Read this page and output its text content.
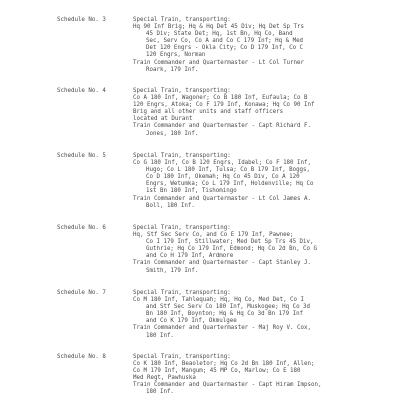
- - - -
Schedule No. 3	Special Train, transporting:
Hq 90 Inf Brig; Hq & Hq Det 45 Div; Hq Det Sp Trs
45 Div; State Det; Hq, 1st Bn, Hq Co, Band
Sec, Serv Co, Co A and Co C 179 Inf; Hq & Med
Det 120 Engrs - Okla City; Co D 179 Inf, Co C
120 Engrs, Norman
Train Commander and Quartermaster - Lt Col Turner
Roark, 179 Inf.
Schedule No. 4	Special Train, transporting:
Co A 180 Inf, Wagoner; Co B 180 Inf, Eufaula; Co B
120 Engrs, Atoka; Co F 179 Inf, Konawa; Hq Co 90 Inf
Brig and all other units and staff officers
located at Durant
Train Commander and Quartermaster - Capt Richard F.
Jones, 180 Inf.
Schedule No. 5	Special Train, transporting:
Co G 180 Inf, Co B 120 Engrs, Idabel; Co F 180 Inf,
Hugo; Co L 180 Inf, Tulsa; Co B 179 Inf, Boggs,
Co D 180 Inf, Okemah; Hq Co 45 Div, Co A 120
Engrs, Wetumka; Co L 179 Inf, Holdenville; Hq Co
1st Bn 180 Inf, Tishomingo
Train Commander and Quartermaster - Lt Col James A.
Boll, 180 Inf.
Schedule No. 6	Special Train, transporting:
Hq, Stf Sec Serv Co, and Co E 179 Inf, Pawnee;
Co I 179 Inf, Stillwater; Med Det Sp Trs 45 Div,
Guthrie; Hq Co 179 Inf, Edmond; Hq Co 2d Bn, Co G
and Co H 179 Inf, Ardmore
Train Commander and Quartermaster - Capt Stanley J.
Smith, 179 Inf.
Schedule No. 7	Special Train, transporting:
Co M 180 Inf, Tahlequah; Hq, Hq Co, Med Det, Co I
and Stf Sec Serv Co 180 Inf, Muskogee; Hq Co 3d
Bn 180 Inf, Boynton; Hq & Hq Co 3d Bn 179 Inf
and Co K 179 Inf, Okmulgee
Train Commander and Quartermaster - Maj Roy V. Cox,
180 Inf.
Schedule No. 8	Special Train, transporting:
Co K 180 Inf, Beaoletor; Hq Co 2d Bn 180 Inf, Allen;
Co M 179 Inf, Mangum; 45 MP Co, Marlow; Co E 180
Med Regt, Pawhuska
Train Commander and Quartermaster - Capt Hiram Impson,
180 Inf.
